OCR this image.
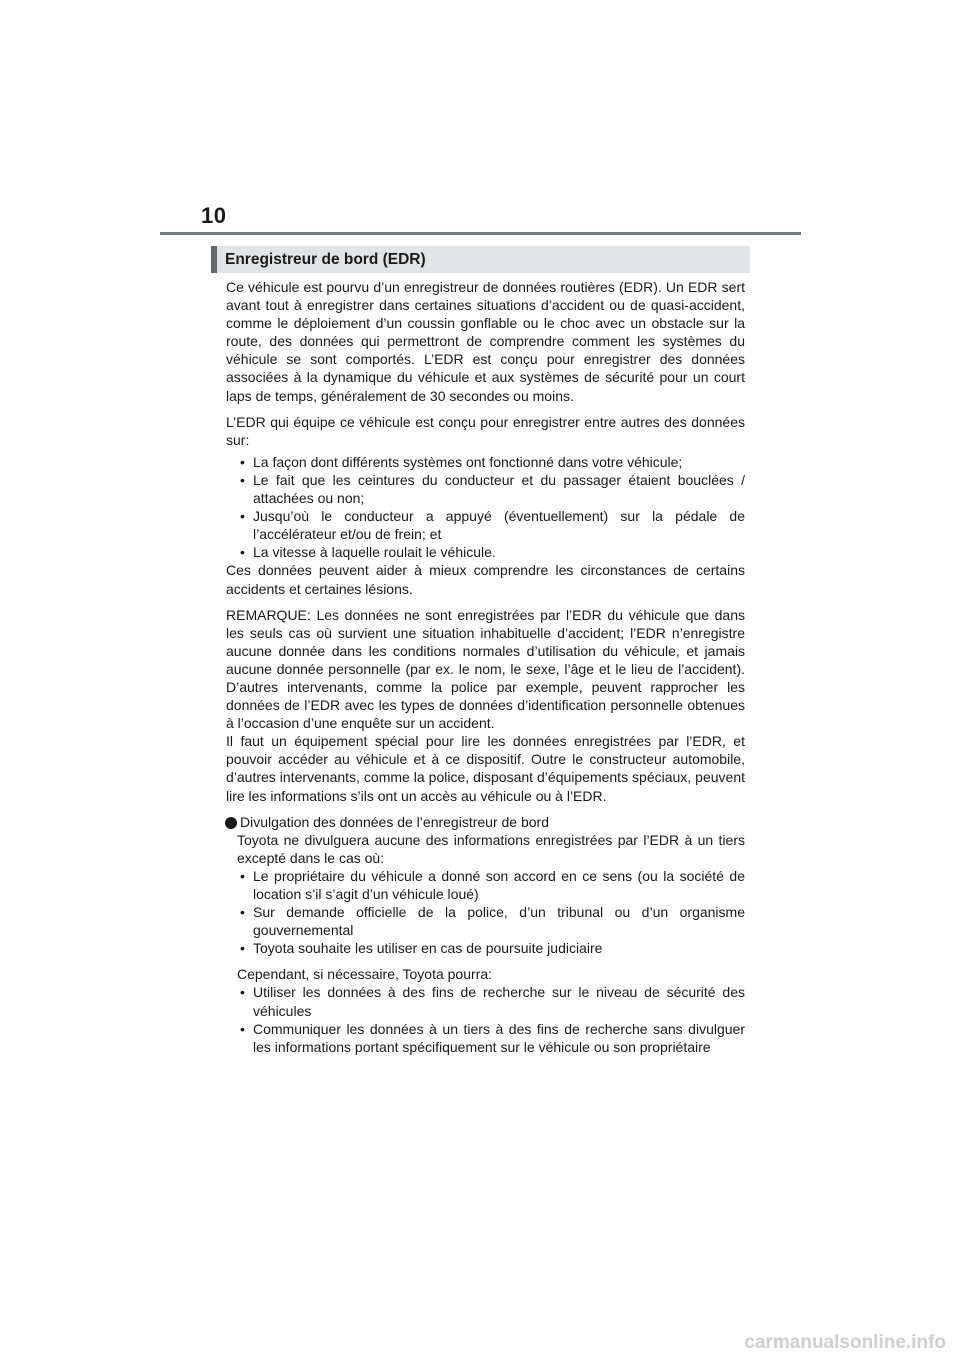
10
Enregistreur de bord (EDR)

Ce véhicule est pourvu d’un enregistreur de données routières (EDR). Un EDR sert avant tout à enregistrer dans certaines situations d’accident ou de quasi-accident, comme le déploiement d’un coussin gonflable ou le choc avec un obstacle sur la route, des données qui permettront de comprendre comment les systèmes du véhicule se sont comportés. L’EDR est conçu pour enregistrer des données associées à la dynamique du véhicule et aux systèmes de sécurité pour un court laps de temps, généralement de 30 secondes ou moins.

L’EDR qui équipe ce véhicule est conçu pour enregistrer entre autres des données sur:

• La façon dont différents systèmes ont fonctionné dans votre véhicule;
• Le fait que les ceintures du conducteur et du passager étaient bouclées / attachées ou non;
• Jusqu’où le conducteur a appuyé (éventuellement) sur la pédale de l’accélérateur et/ou de frein; et
• La vitesse à laquelle roulait le véhicule.

Ces données peuvent aider à mieux comprendre les circonstances de certains accidents et certaines lésions.

REMARQUE: Les données ne sont enregistrées par l’EDR du véhicule que dans les seuls cas où survient une situation inhabituelle d’accident; l’EDR n’enregistre aucune donnée dans les conditions normales d’utilisation du véhicule, et jamais aucune donnée personnelle (par ex. le nom, le sexe, l’âge et le lieu de l’accident). D’autres intervenants, comme la police par exemple, peuvent rapprocher les données de l’EDR avec les types de données d’identification personnelle obtenues à l’occasion d’une enquête sur un accident.

Il faut un équipement spécial pour lire les données enregistrées par l’EDR, et pouvoir accéder au véhicule et à ce dispositif. Outre le constructeur automobile, d’autres intervenants, comme la police, disposant d’équipements spéciaux, peuvent lire les informations s’ils ont un accès au véhicule ou à l’EDR.

Divulgation des données de l’enregistreur de bord

Toyota ne divulguera aucune des informations enregistrées par l’EDR à un tiers excepté dans le cas où:

• Le propriétaire du véhicule a donné son accord en ce sens (ou la société de location s’il s’agit d’un véhicule loué)
• Sur demande officielle de la police, d’un tribunal ou d’un organisme gouvernemental
• Toyota souhaite les utiliser en cas de poursuite judiciaire

Cependant, si nécessaire, Toyota pourra:

• Utiliser les données à des fins de recherche sur le niveau de sécurité des véhicules
• Communiquer les données à un tiers à des fins de recherche sans divulguer les informations portant spécifiquement sur le véhicule ou son propriétaire
carmanualsonline.info
